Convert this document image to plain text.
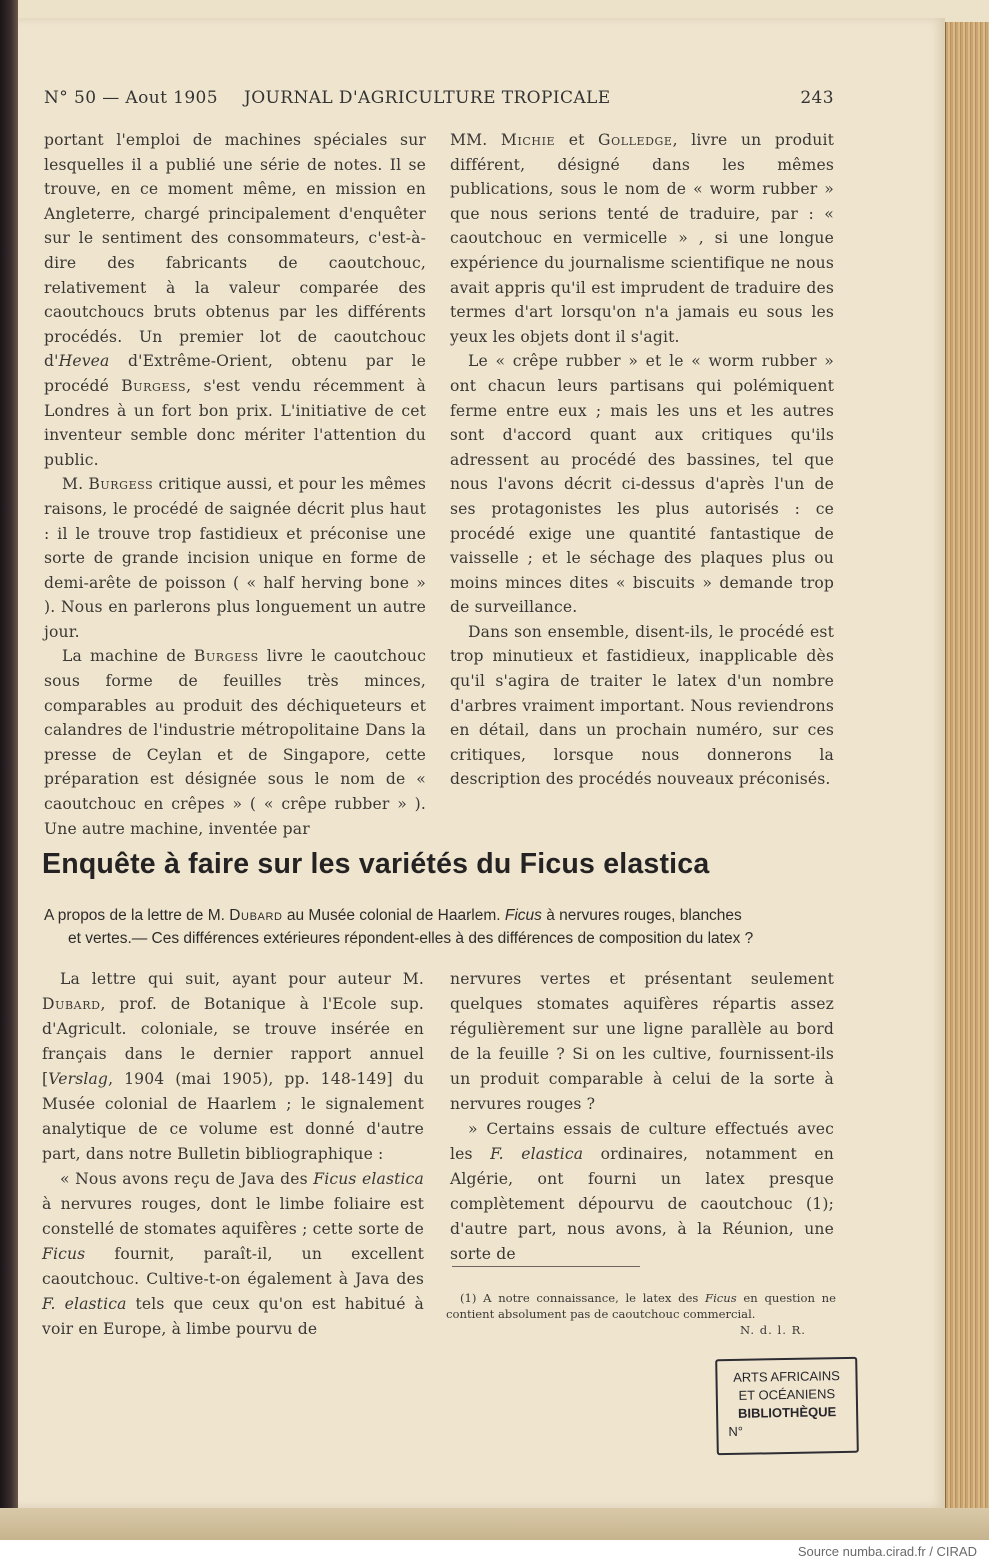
N° 50 — Aout 1905 JOURNAL D'AGRICULTURE TROPICALE	243

portant l'emploi de machines spéciales sur lesquelles il a publié une série de notes. Il se trouve, en ce moment même, en mission en Angleterre, chargé principalement d'enquêter sur le sentiment des consommateurs, c'est-à-dire des fabricants de caoutchouc, relativement à la valeur comparée des caoutchoucs bruts obtenus par les différents procédés. Un premier lot de caoutchouc d'Hevea d'Extrême-Orient, obtenu par le procédé Burgess, s'est vendu récemment à Londres à un fort bon prix. L'initiative de cet inventeur semble donc mériter l'attention du public.

M. Burgess critique aussi, et pour les mêmes raisons, le procédé de saignée décrit plus haut : il le trouve trop fastidieux et préconise une sorte de grande incision unique en forme de demi-arête de poisson ( « half herving bone » ). Nous en parlerons plus longuement un autre jour.

La machine de Burgess livre le caoutchouc sous forme de feuilles très minces, comparables au produit des déchiqueteurs et calandres de l'industrie métropolitaine Dans la presse de Ceylan et de Singapore, cette préparation est désignée sous le nom de « caoutchouc en crêpes » ( « crêpe rubber » ). Une autre machine, inventée par

MM. Michie et Golledge, livre un produit différent, désigné dans les mêmes publications, sous le nom de « worm rubber » que nous serions tenté de traduire, par : « caoutchouc en vermicelle » , si une longue expérience du journalisme scientifique ne nous avait appris qu'il est imprudent de traduire des termes d'art lorsqu'on n'a jamais eu sous les yeux les objets dont il s'agit.

Le « crêpe rubber » et le « worm rubber » ont chacun leurs partisans qui polémiquent ferme entre eux ; mais les uns et les autres sont d'accord quant aux critiques qu'ils adressent au procédé des bassines, tel que nous l'avons décrit ci-dessus d'après l'un de ses protagonistes les plus autorisés : ce procédé exige une quantité fantastique de vaisselle ; et le séchage des plaques plus ou moins minces dites « biscuits » demande trop de surveillance.

Dans son ensemble, disent-ils, le procédé est trop minutieux et fastidieux, inapplicable dès qu'il s'agira de traiter le latex d'un nombre d'arbres vraiment important. Nous reviendrons en détail, dans un prochain numéro, sur ces critiques, lorsque nous donnerons la description des procédés nouveaux préconisés.

Enquête à faire sur les variétés du Ficus elastica
A propos de la lettre de M. Dubard au Musée colonial de Haarlem. Ficus à nervures rouges, blanches
et vertes.— Ces différences extérieures répondent-elles à des différences de composition du latex ?

La lettre qui suit, ayant pour auteur M. Dubard, prof. de Botanique à l'Ecole sup. d'Agricult. coloniale, se trouve insérée en français dans le dernier rapport annuel [Verslag, 1904 (mai 1905), pp. 148-149] du Musée colonial de Haarlem ; le signalement analytique de ce volume est donné d'autre part, dans notre Bulletin bibliographique :

« Nous avons reçu de Java des Ficus elastica à nervures rouges, dont le limbe foliaire est constellé de stomates aquifères ; cette sorte de Ficus fournit, paraît-il, un excellent caoutchouc. Cultive-t-on également à Java des F. elastica tels que ceux qu'on est habitué à voir en Europe, à limbe pourvu de

nervures vertes et présentant seulement quelques stomates aquifères répartis assez régulièrement sur une ligne parallèle au bord de la feuille ? Si on les cultive, fournissent-ils un produit comparable à celui de la sorte à nervures rouges ?

» Certains essais de culture effectués avec les F. elastica ordinaires, notamment en Algérie, ont fourni un latex presque complètement dépourvu de caoutchouc (1); d'autre part, nous avons, à la Réunion, une sorte de

(1) A notre connaissance, le latex des Ficus en question ne contient absolument pas de caoutchouc commercial.

N. d. l. R.
ARTS AFRICAINS
ET OCÉANIENS
BIBLIOTHÈQUE
N°
Source numba.cirad.fr / CIRAD
